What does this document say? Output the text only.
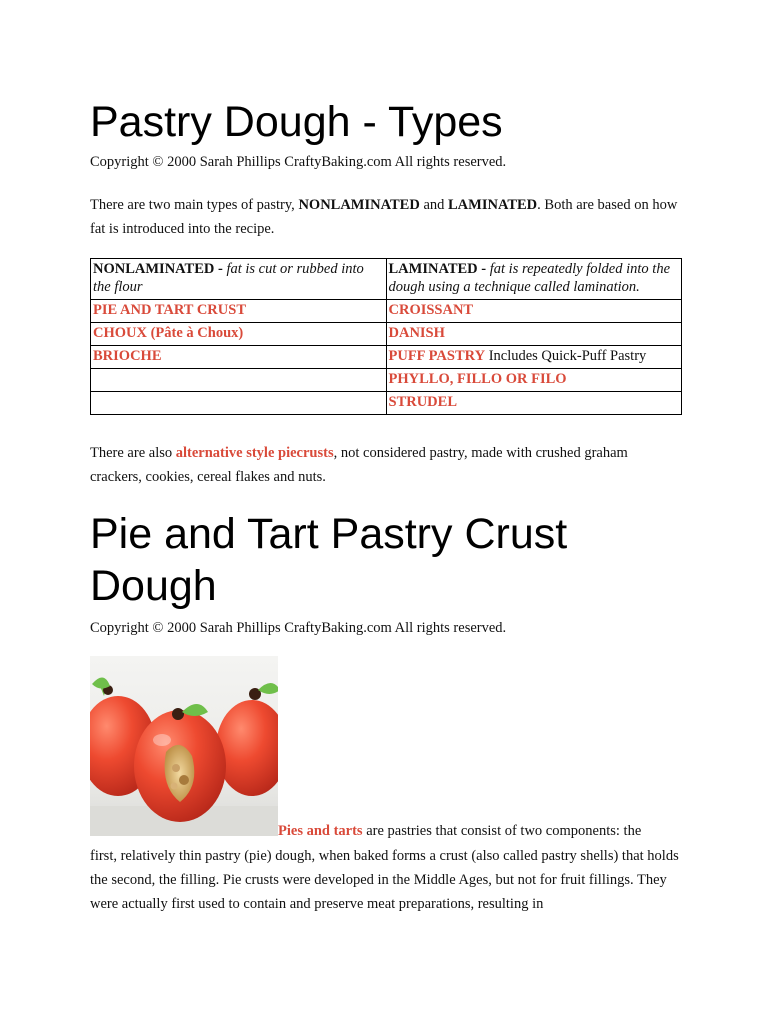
Pastry Dough - Types

Copyright © 2000 Sarah Phillips CraftyBaking.com All rights reserved.

There are two main types of pastry, NONLAMINATED and LAMINATED. Both are based on how fat is introduced into the recipe.

NONLAMINATED - fat is cut or rubbed into the flour	LAMINATED - fat is repeatedly folded into the dough using a technique called lamination.
PIE AND TART CRUST	CROISSANT
CHOUX (Pâte à Choux)	DANISH
BRIOCHE	PUFF PASTRY Includes Quick-Puff Pastry
	PHYLLO, FILLO OR FILO
	STRUDEL

There are also alternative style piecrusts, not considered pastry, made with crushed graham crackers, cookies, cereal flakes and nuts.

Pie and Tart Pastry Crust Dough

Copyright © 2000 Sarah Phillips CraftyBaking.com All rights reserved.

Pies and tarts are pastries that consist of two components: the

first, relatively thin pastry (pie) dough, when baked forms a crust (also called pastry shells) that holds the second, the filling. Pie crusts were developed in the Middle Ages, but not for fruit fillings. They were actually first used to contain and preserve meat preparations, resulting in
